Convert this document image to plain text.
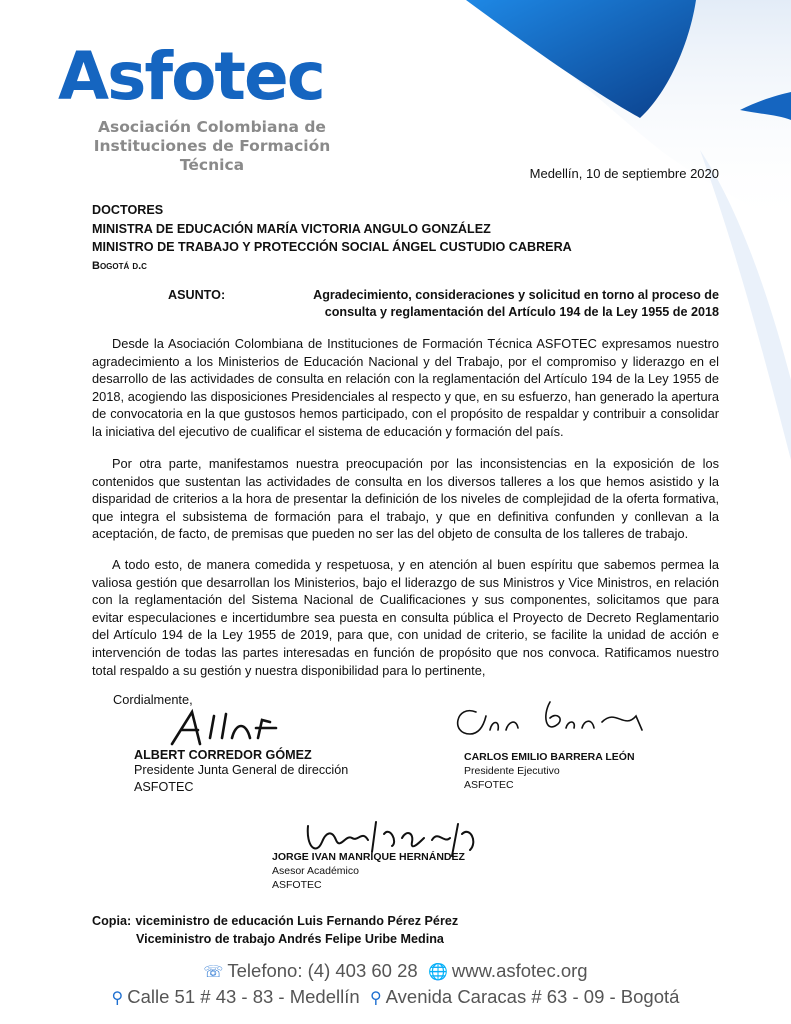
Asfotec
Asociación Colombiana de
Instituciones de Formación Técnica	Medellín, 10 de septiembre 2020
DOCTORES
MINISTRA DE EDUCACIÓN MARÍA VICTORIA ANGULO GONZÁLEZ
MINISTRO DE TRABAJO Y PROTECCIÓN SOCIAL ÁNGEL CUSTUDIO CABRERA
Bogotá d.c
ASUNTO:	Agradecimiento, consideraciones y solicitud en torno al proceso de consulta y reglamentación del Artículo 194 de la Ley 1955 de 2018

Desde la Asociación Colombiana de Instituciones de Formación Técnica ASFOTEC expresamos nuestro agradecimiento a los Ministerios de Educación Nacional y del Trabajo, por el compromiso y liderazgo en el desarrollo de las actividades de consulta en relación con la reglamentación del Artículo 194 de la Ley 1955 de 2018, acogiendo las disposiciones Presidenciales al respecto y que, en su esfuerzo, han generado la apertura de convocatoria en la que gustosos hemos participado, con el propósito de respaldar y contribuir a consolidar la iniciativa del ejecutivo de cualificar el sistema de educación y formación del país.

Por otra parte, manifestamos nuestra preocupación por las inconsistencias en la exposición de los contenidos que sustentan las actividades de consulta en los diversos talleres a los que hemos asistido y la disparidad de criterios a la hora de presentar la definición de los niveles de complejidad de la oferta formativa, que integra el subsistema de formación para el trabajo, y que en definitiva confunden y conllevan a la aceptación, de facto, de premisas que pueden no ser las del objeto de consulta de los talleres de trabajo.

A todo esto, de manera comedida y respetuosa, y en atención al buen espíritu que sabemos permea la valiosa gestión que desarrollan los Ministerios, bajo el liderazgo de sus Ministros y Vice Ministros, en relación con la reglamentación del Sistema Nacional de Cualificaciones y sus componentes, solicitamos que para evitar especulaciones e incertidumbre sea puesta en consulta pública el Proyecto de Decreto Reglamentario del Artículo 194 de la Ley 1955 de 2019, para que, con unidad de criterio, se facilite la unidad de acción e intervención de todas las partes interesadas en función de propósito que nos convoca. Ratificamos nuestro total respaldo a su gestión y nuestra disponibilidad para lo pertinente,

Cordialmente,
ALBERT CORREDOR GÓMEZ
Presidente Junta General de dirección
ASFOTEC
CARLOS EMILIO BARRERA LEÓN
Presidente Ejecutivo
ASFOTEC
JORGE IVAN MANRIQUE HERNÁNDEZ
Asesor Académico
ASFOTEC
Copia: viceministro de educación Luis Fernando Pérez Pérez
Viceministro de trabajo Andrés Felipe Uribe Medina
☏ Telefono: (4) 403 60 28 🌐 www.asfotec.org
⚲ Calle 51 # 43 - 83 - Medellín ⚲ Avenida Caracas # 63 - 09 - Bogotá
